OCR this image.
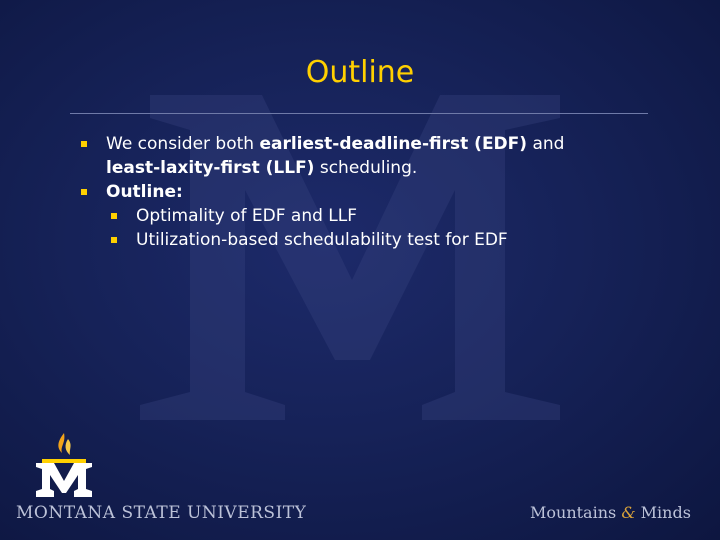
Outline
We consider both earliest-deadline-first (EDF) and
least-laxity-first (LLF) scheduling.
Outline:
Optimality of EDF and LLF
Utilization-based schedulability test for EDF
MONTANA STATE UNIVERSITY	Mountains & Minds
